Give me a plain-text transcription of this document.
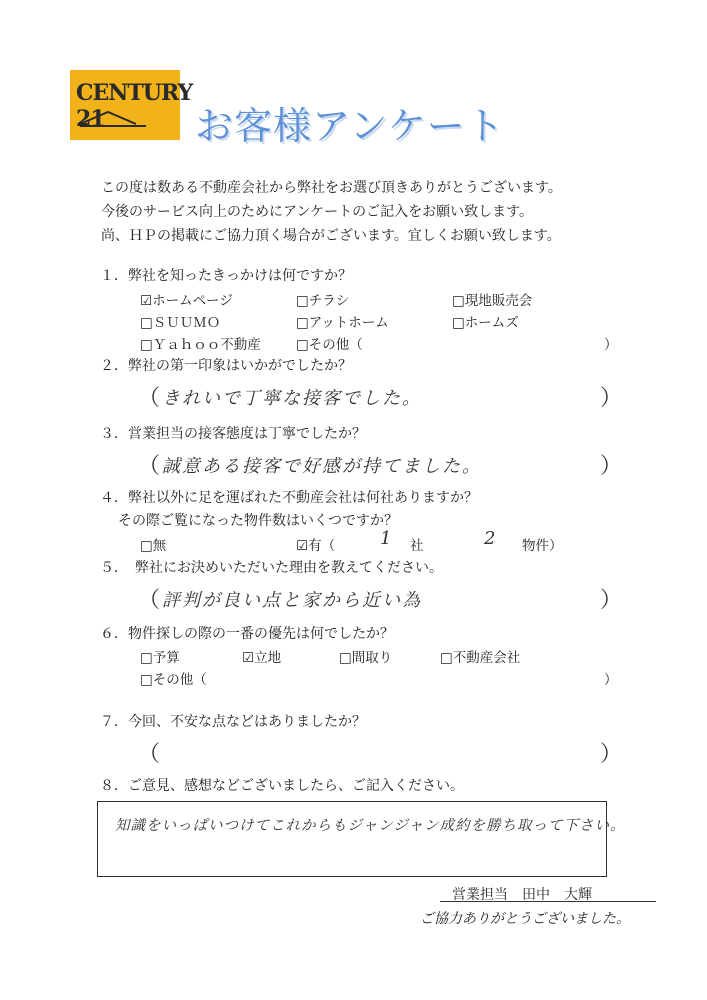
CENTURY 21	お客様アンケート
この度は数ある不動産会社から弊社をお選び頂きありがとうございます。
今後のサービス向上のためにアンケートのご記入をお願い致します。
尚、ＨＰの掲載にご協力頂く場合がございます。宜しくお願い致します。
１．弊社を知ったきっかけは何ですか？
☑ホームページ	□チラシ	□現地販売会
□ＳＵＵＭＯ	□アットホーム	□ホームズ
□Ｙａｈｏｏ不動産	□その他（	）
２．弊社の第一印象はいかがでしたか？
（ きれいで丁寧な接客でした。	）
３．営業担当の接客態度は丁寧でしたか？
（ 誠意ある接客で好感が持てました。	）
４．弊社以外に足を運ばれた不動産会社は何社ありますか？
その際ご覧になった物件数はいくつですか？
□無	☑有（ 1 社	2 物件）
５．　弊社にお決めいただいた理由を教えてください。
（ 評判が良い点と家から近い為	）
６．物件探しの際の一番の優先は何でしたか？
□予算	☑立地	□間取り	□不動産会社
□その他（	）
７．今回、不安な点などはありましたか？
（	）
８．ご意見、感想などございましたら、ご記入ください。
知識をいっぱいつけてこれからもジャンジャン成約を勝ち取って下さい。
営業担当　田中　大輝
ご協力ありがとうございました。
